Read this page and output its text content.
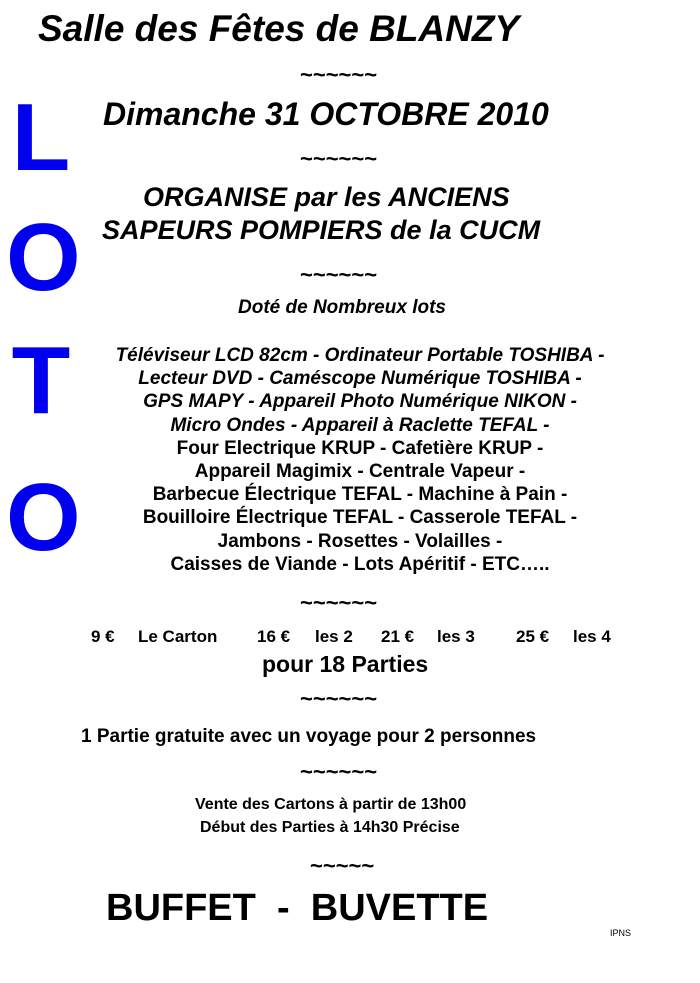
Salle des Fêtes de BLANZY
L
O
T
O
~~~~~~
Dimanche 31 OCTOBRE 2010
~~~~~~
ORGANISE par les ANCIENS
SAPEURS POMPIERS de la CUCM
~~~~~~
Doté de Nombreux lots
Téléviseur LCD 82cm - Ordinateur Portable TOSHIBA -
Lecteur DVD - Caméscope Numérique TOSHIBA -
GPS MAPY - Appareil Photo Numérique NIKON -
Micro Ondes - Appareil à Raclette TEFAL -
Four Electrique KRUP - Cafetière KRUP -
Appareil Magimix - Centrale Vapeur -
Barbecue Électrique TEFAL - Machine à Pain -
Bouilloire Électrique TEFAL - Casserole TEFAL -
Jambons - Rosettes - Volailles -
Caisses de Viande - Lots Apéritif - ETC…..
~~~~~~
9 € Le Carton 16 € les 2 21 € les 3 25 € les 4
pour 18 Parties
~~~~~~
1 Partie gratuite avec un voyage pour 2 personnes
~~~~~~
Vente des Cartons à partir de 13h00
Début des Parties à 14h30 Précise
~~~~~
BUFFET  -  BUVETTE
IPNS
